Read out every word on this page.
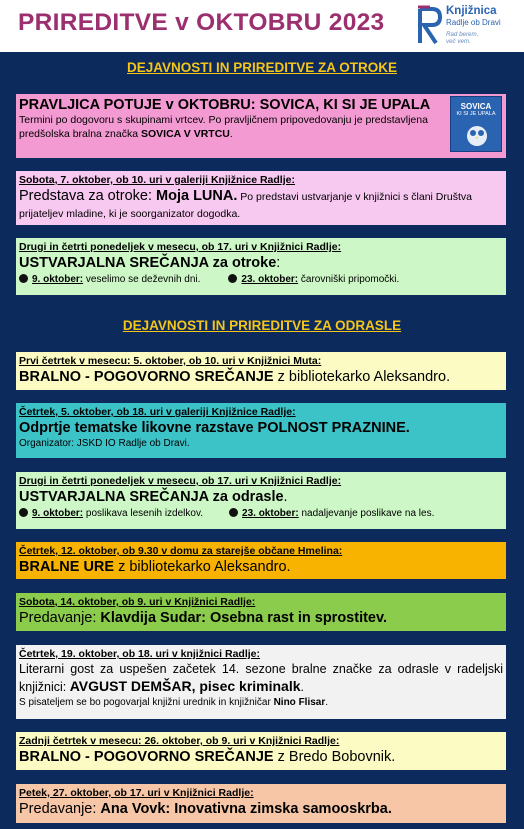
PRIREDITVE v OKTOBRU 2023	Knjižnica
Radlje ob Dravi
Rad berem,
več vem.
DEJAVNOSTI IN PRIREDITVE ZA OTROKE
PRAVLJICA POTUJE v OKTOBRU: SOVICA, KI SI JE UPALA
Termini po dogovoru s skupinami vrtcev. Po pravljičnem pripovedovanju je predstavljena predšolska bralna značka SOVICA V VRTCU.
SOVICA
KI SI JE UPALA
Sobota, 7. oktober, ob 10. uri v galeriji Knjižnice Radlje:
Predstava za otroke: Moja LUNA. Po predstavi ustvarjanje v knjižnici s člani Društva prijateljev mladine, ki je soorganizator dogodka.
Drugi in četrti ponedeljek v mesecu, ob 17. uri v Knjižnici Radlje:
USTVARJALNA SREČANJA za otroke:
9. oktober: veselimo se deževnih dni.	23. oktober: čarovniški pripomočki.
DEJAVNOSTI IN PRIREDITVE ZA ODRASLE
Prvi četrtek v mesecu: 5. oktober, ob 10. uri v Knjižnici Muta:
BRALNO - POGOVORNO SREČANJE z bibliotekarko Aleksandro.
Četrtek, 5. oktober, ob 18. uri v galeriji Knjižnice Radlje:
Odprtje tematske likovne razstave POLNOST PRAZNINE.
Organizator: JSKD IO Radlje ob Dravi.
Drugi in četrti ponedeljek v mesecu, ob 17. uri v Knjižnici Radlje:
USTVARJALNA SREČANJA za odrasle.
9. oktober: poslikava lesenih izdelkov.	23. oktober: nadaljevanje poslikave na les.
Četrtek, 12. oktober, ob 9.30 v domu za starejše občane Hmelina:
BRALNE URE z bibliotekarko Aleksandro.
Sobota, 14. oktober, ob 9. uri v Knjižnici Radlje:
Predavanje: Klavdija Sudar: Osebna rast in sprostitev.
Četrtek, 19. oktober, ob 18. uri v knjižnici Radlje:
Literarni gost za uspešen začetek 14. sezone bralne značke za odrasle v radeljski knjižnici: AVGUST DEMŠAR, pisec kriminalk.
S pisateljem se bo pogovarjal knjižni urednik in knjižničar Nino Flisar.
Zadnji četrtek v mesecu: 26. oktober, ob 9. uri v Knjižnici Radlje:
BRALNO - POGOVORNO SREČANJE z Bredo Bobovnik.
Petek, 27. oktober, ob 17. uri v Knjižnici Radlje:
Predavanje: Ana Vovk: Inovativna zimska samooskrba.
